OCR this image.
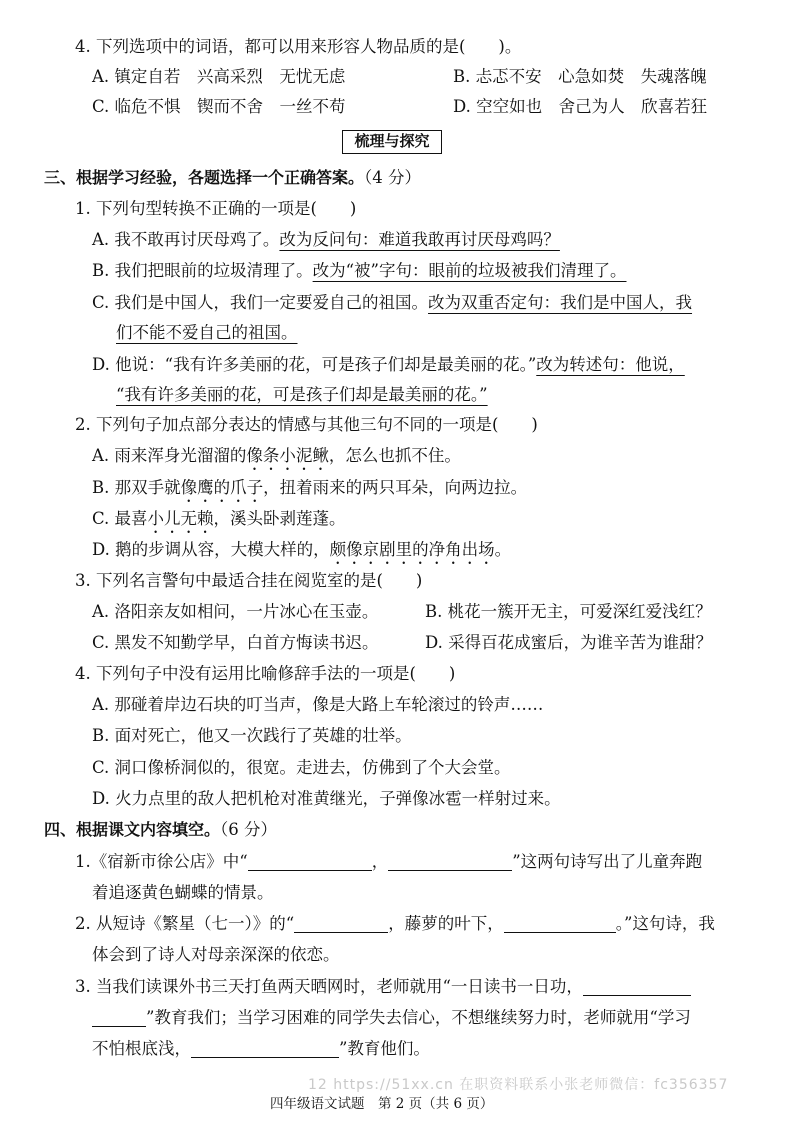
4. 下列选项中的词语，都可以用来形容人物品质的是(　　)。
A. 镇定自若　兴高采烈　无忧无虑	B. 忐忑不安　心急如焚　失魂落魄
C. 临危不惧　锲而不舍　一丝不苟	D. 空空如也　舍己为人　欣喜若狂
梳理与探究
三、根据学习经验，各题选择一个正确答案。（4 分）
1. 下列句型转换不正确的一项是(　　)
A. 我不敢再讨厌母鸡了。改为反问句：难道我敢再讨厌母鸡吗？
B. 我们把眼前的垃圾清理了。改为“被”字句：眼前的垃圾被我们清理了。
C. 我们是中国人，我们一定要爱自己的祖国。改为双重否定句：我们是中国人，我
们不能不爱自己的祖国。
D. 他说：“我有许多美丽的花，可是孩子们却是最美丽的花。”改为转述句：他说，
“我有许多美丽的花，可是孩子们却是最美丽的花。”
2. 下列句子加点部分表达的情感与其他三句不同的一项是(　　)
A. 雨来浑身光溜溜的像条小泥鳅，怎么也抓不住。
B. 那双手就像鹰的爪子，扭着雨来的两只耳朵，向两边拉。
C. 最喜小儿无赖，溪头卧剥莲蓬。
D. 鹅的步调从容，大模大样的，颇像京剧里的净角出场。
3. 下列名言警句中最适合挂在阅览室的是(　　)
A. 洛阳亲友如相问，一片冰心在玉壶。	B. 桃花一簇开无主，可爱深红爱浅红？
C. 黑发不知勤学早，白首方悔读书迟。	D. 采得百花成蜜后，为谁辛苦为谁甜？
4. 下列句子中没有运用比喻修辞手法的一项是(　　)
A. 那碰着岸边石块的叮当声，像是大路上车轮滚过的铃声……
B. 面对死亡，他又一次践行了英雄的壮举。
C. 洞口像桥洞似的，很宽。走进去，仿佛到了个大会堂。
D. 火力点里的敌人把机枪对准黄继光，子弹像冰雹一样射过来。
四、根据课文内容填空。（6 分）
1.《宿新市徐公店》中“	，	”这两句诗写出了儿童奔跑
着追逐黄色蝴蝶的情景。
2. 从短诗《繁星（七一）》的“	，藤萝的叶下，	。”这句诗，我
体会到了诗人对母亲深深的依恋。
3. 当我们读课外书三天打鱼两天晒网时，老师就用“一日读书一日功，
”教育我们；当学习困难的同学失去信心，不想继续努力时，老师就用“学习
不怕根底浅，	”教育他们。
12 https://51xx.cn 在职资料联系小张老师微信：fc356357
四年级语文试题　第 2 页（共 6 页）
